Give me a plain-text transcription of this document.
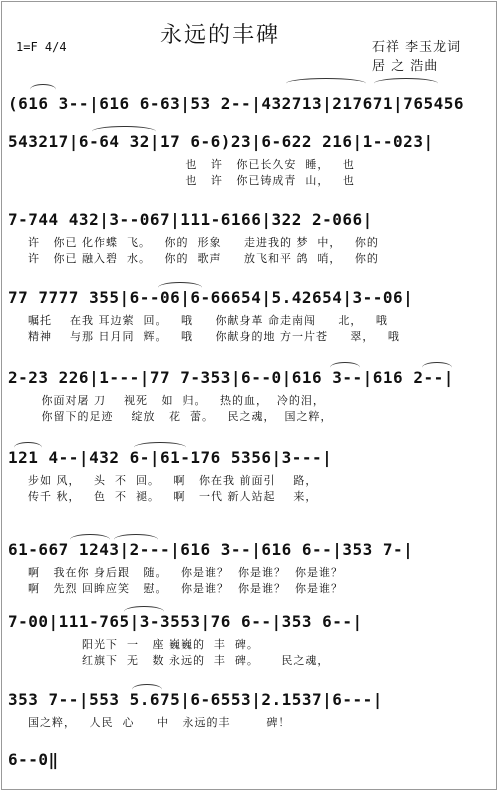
永远的丰碑
1=F 4/4	石祥 李玉龙词
居 之 浩曲
(616 3--|616 6-63|53 2--|432713|217671|765456
543217|6-64 32|17 6-6)23|6-622 216|1--023|
也   许   你已长久安  睡，   也
也   许   你已铸成青  山，   也
7-744 432|3--067|111-6166|322 2-066|
许   你已 化作蝶  飞。   你的  形象     走进我的 梦  中，   你的
许   你已 融入碧  水。   你的  歌声     放飞和平 鸽  哨，   你的
77 7777 355|6--06|6-66654|5.42654|3--06|
嘱托    在我 耳边萦  回。   哦     你献身革 命走南闯     北，   哦
精神    与那 日月同  辉。   哦     你献身的地 方一片苍     翠，   哦
2-23 226|1---|77 7-353|6--0|616 3--|616 2--|
你面对屠 刀    视死   如  归。   热的血，  冷的泪，
你留下的足迹    绽放   花  蕾。   民之魂，  国之粹，
121 4--|432 6-|61-176 5356|3---|
步如 风，   头  不  回。   啊   你在我 前面引    路，
传千 秋，   色  不  褪。   啊   一代 新人站起    来，
61-667 1243|2---|616 3--|616 6--|353 7-|
啊   我在你 身后跟   随。   你是谁？  你是谁？  你是谁？
啊   先烈 回眸应笑   慰。   你是谁？  你是谁？  你是谁？
7-00|111-765|3-3553|76 6--|353 6--|
阳光下  一   座 巍巍的  丰  碑。
红旗下  无   数 永远的  丰  碑。     民之魂，
353 7--|553 5.675|6-6553|2.1537|6---|
国之粹，   人民  心     中   永远的丰        碑！
6--0‖
